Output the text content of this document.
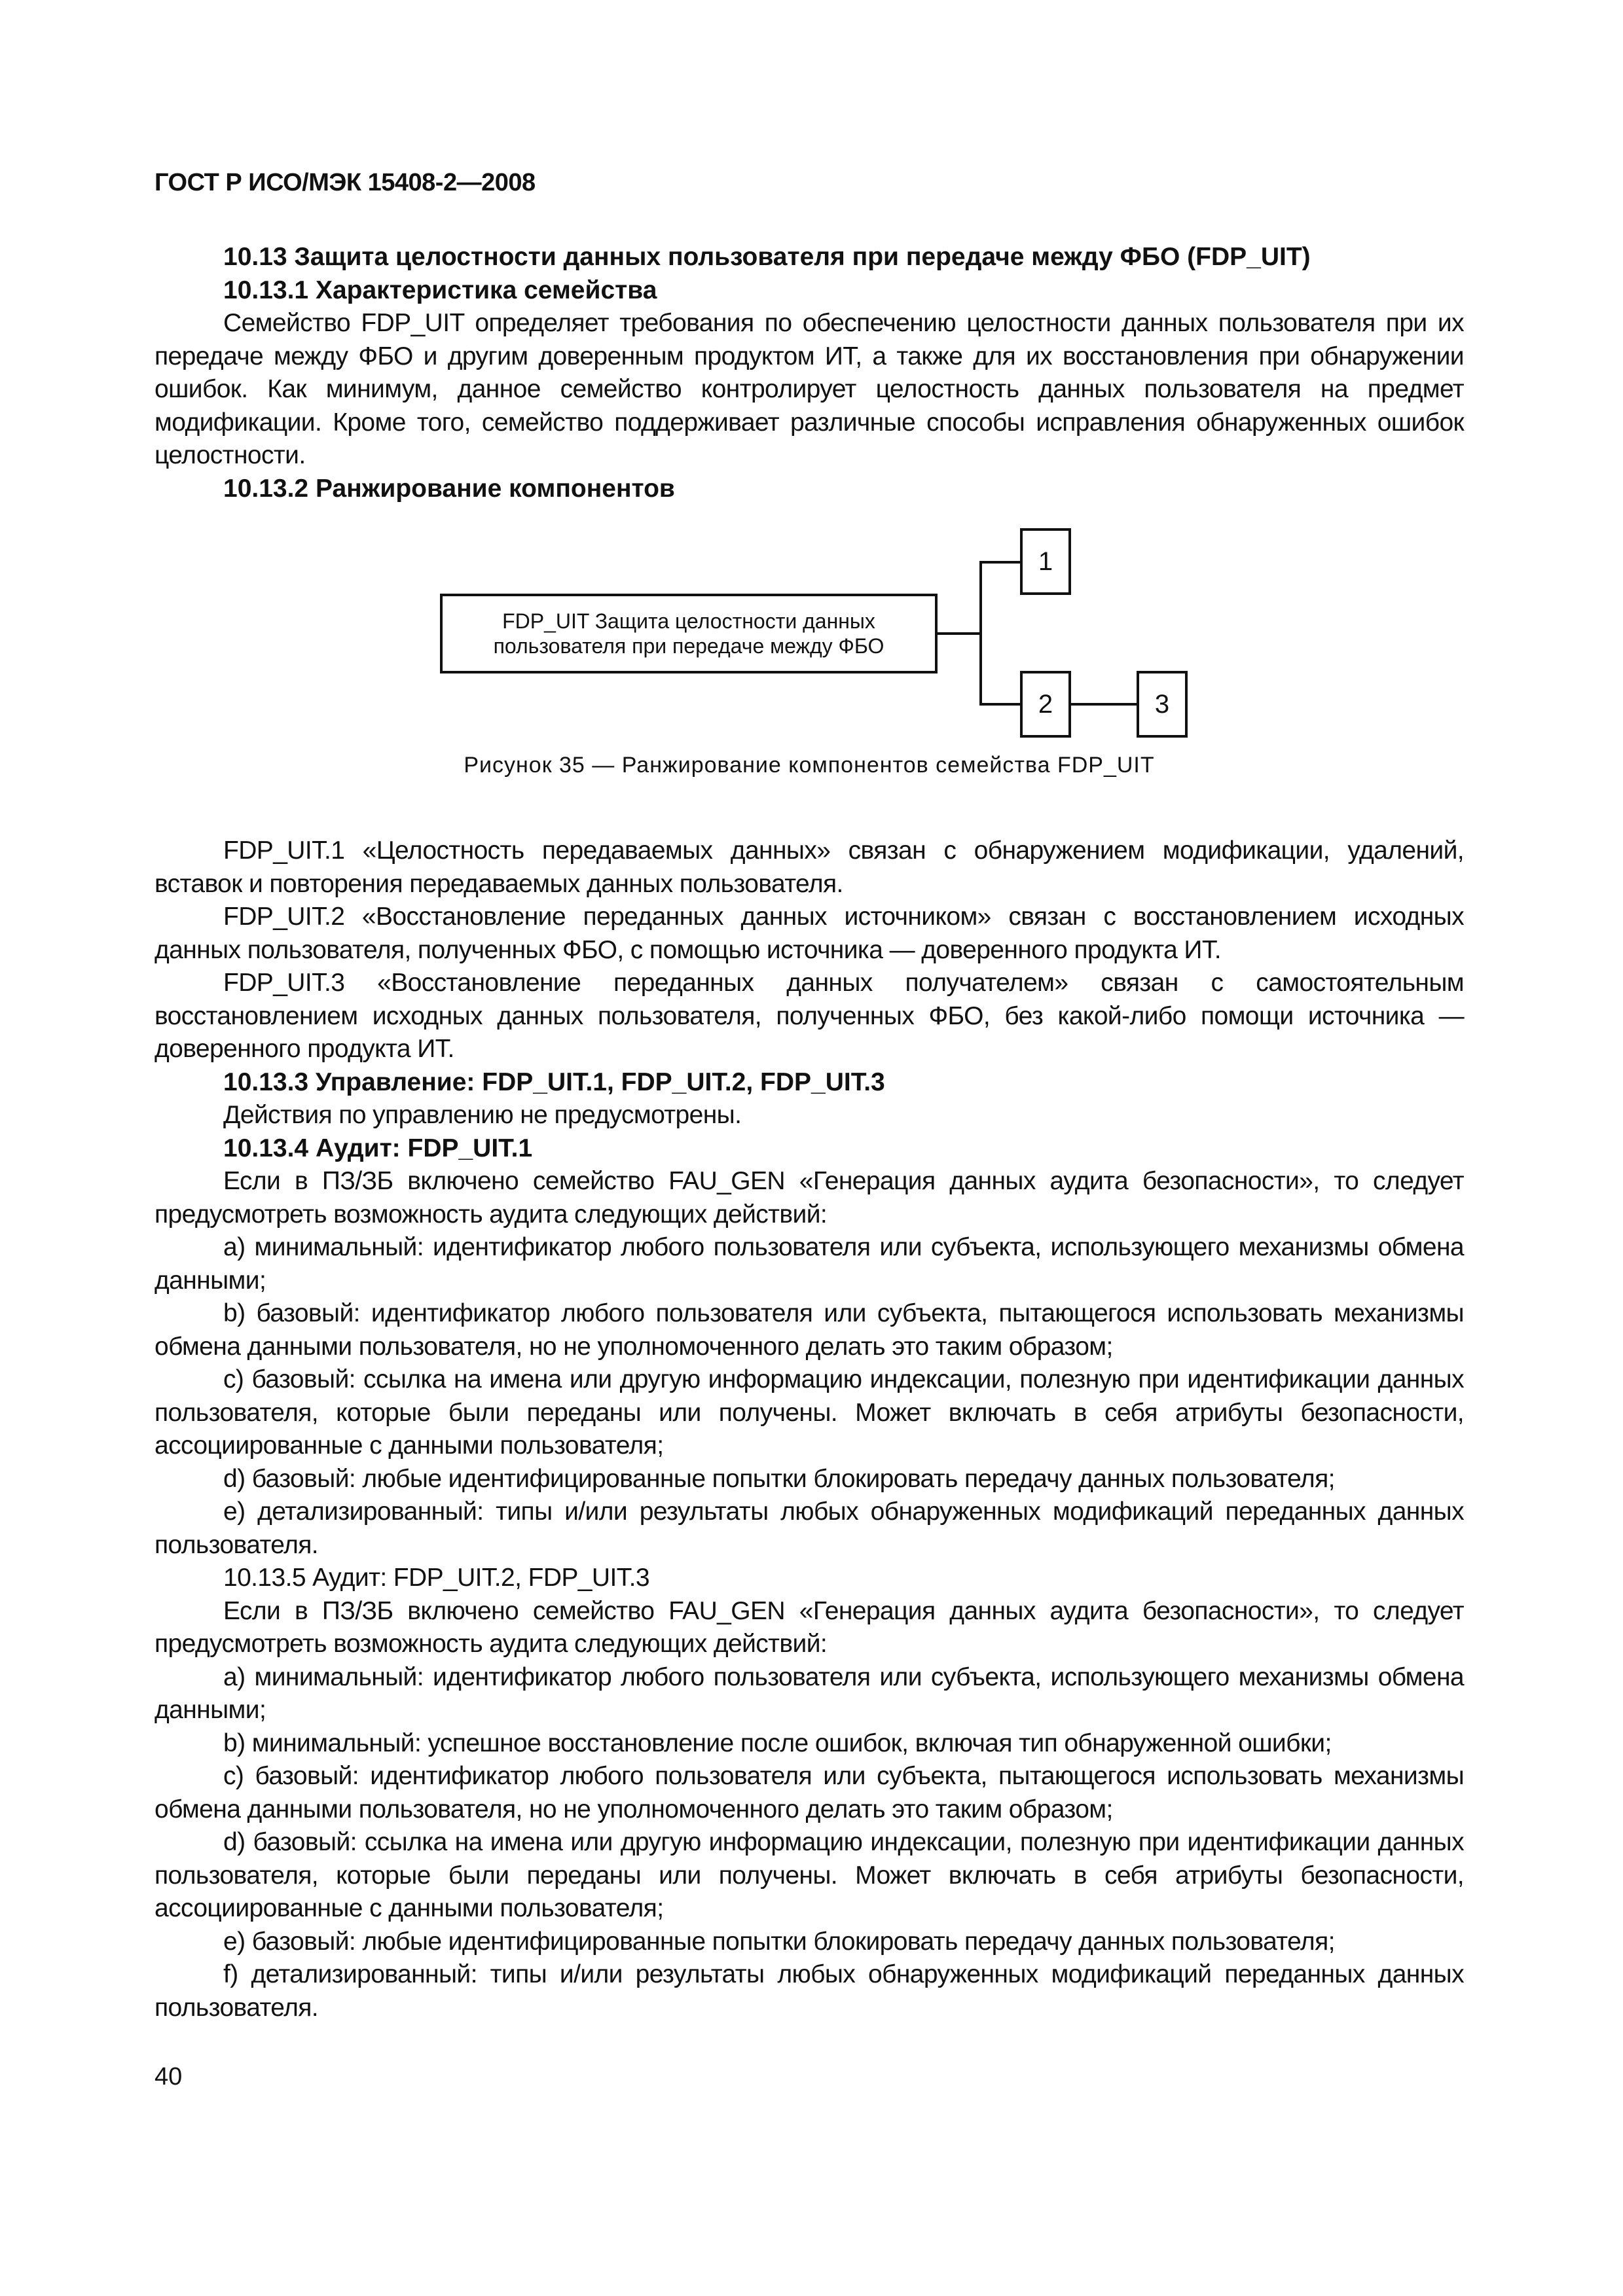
ГОСТ Р ИСО/МЭК 15408-2—2008

10.13 Защита целостности данных пользователя при передаче между ФБО (FDP_UIT)

10.13.1 Характеристика семейства

Семейство FDP_UIT определяет требования по обеспечению целостности данных пользователя при их передаче между ФБО и другим доверенным продуктом ИТ, а также для их восстановления при обнаружении ошибок. Как минимум, данное семейство контролирует целостность данных пользователя на предмет модификации. Кроме того, семейство поддерживает различные способы исправления обнаруженных ошибок целостности.

10.13.2 Ранжирование компонентов

FDP_UIT Защита целостности данных
пользователя при передаче между ФБО
1
2	3
Рисунок 35 — Ранжирование компонентов семейства FDP_UIT

FDP_UIT.1 «Целостность передаваемых данных» связан с обнаружением модификации, удалений, вставок и повторения передаваемых данных пользователя.

FDP_UIT.2 «Восстановление переданных данных источником» связан с восстановлением исходных данных пользователя, полученных ФБО, с помощью источника — доверенного продукта ИТ.

FDP_UIT.3 «Восстановление переданных данных получателем» связан с самостоятельным восстановлением исходных данных пользователя, полученных ФБО, без какой-либо помощи источника — доверенного продукта ИТ.

10.13.3 Управление: FDP_UIT.1, FDP_UIT.2, FDP_UIT.3

Действия по управлению не предусмотрены.

10.13.4 Аудит: FDP_UIT.1

Если в ПЗ/ЗБ включено семейство FAU_GEN «Генерация данных аудита безопасности», то следует предусмотреть возможность аудита следующих действий:

a) минимальный: идентификатор любого пользователя или субъекта, использующего механизмы обмена данными;

b) базовый: идентификатор любого пользователя или субъекта, пытающегося использовать механизмы обмена данными пользователя, но не уполномоченного делать это таким образом;

c) базовый: ссылка на имена или другую информацию индексации, полезную при идентификации данных пользователя, которые были переданы или получены. Может включать в себя атрибуты безопасности, ассоциированные с данными пользователя;

d) базовый: любые идентифицированные попытки блокировать передачу данных пользователя;

e) детализированный: типы и/или результаты любых обнаруженных модификаций переданных данных пользователя.

10.13.5 Аудит: FDP_UIT.2, FDP_UIT.3

Если в ПЗ/ЗБ включено семейство FAU_GEN «Генерация данных аудита безопасности», то следует предусмотреть возможность аудита следующих действий:

a) минимальный: идентификатор любого пользователя или субъекта, использующего механизмы обмена данными;

b) минимальный: успешное восстановление после ошибок, включая тип обнаруженной ошибки;

c) базовый: идентификатор любого пользователя или субъекта, пытающегося использовать механизмы обмена данными пользователя, но не уполномоченного делать это таким образом;

d) базовый: ссылка на имена или другую информацию индексации, полезную при идентификации данных пользователя, которые были переданы или получены. Может включать в себя атрибуты безопасности, ассоциированные с данными пользователя;

e) базовый: любые идентифицированные попытки блокировать передачу данных пользователя;

f) детализированный: типы и/или результаты любых обнаруженных модификаций переданных данных пользователя.

40
